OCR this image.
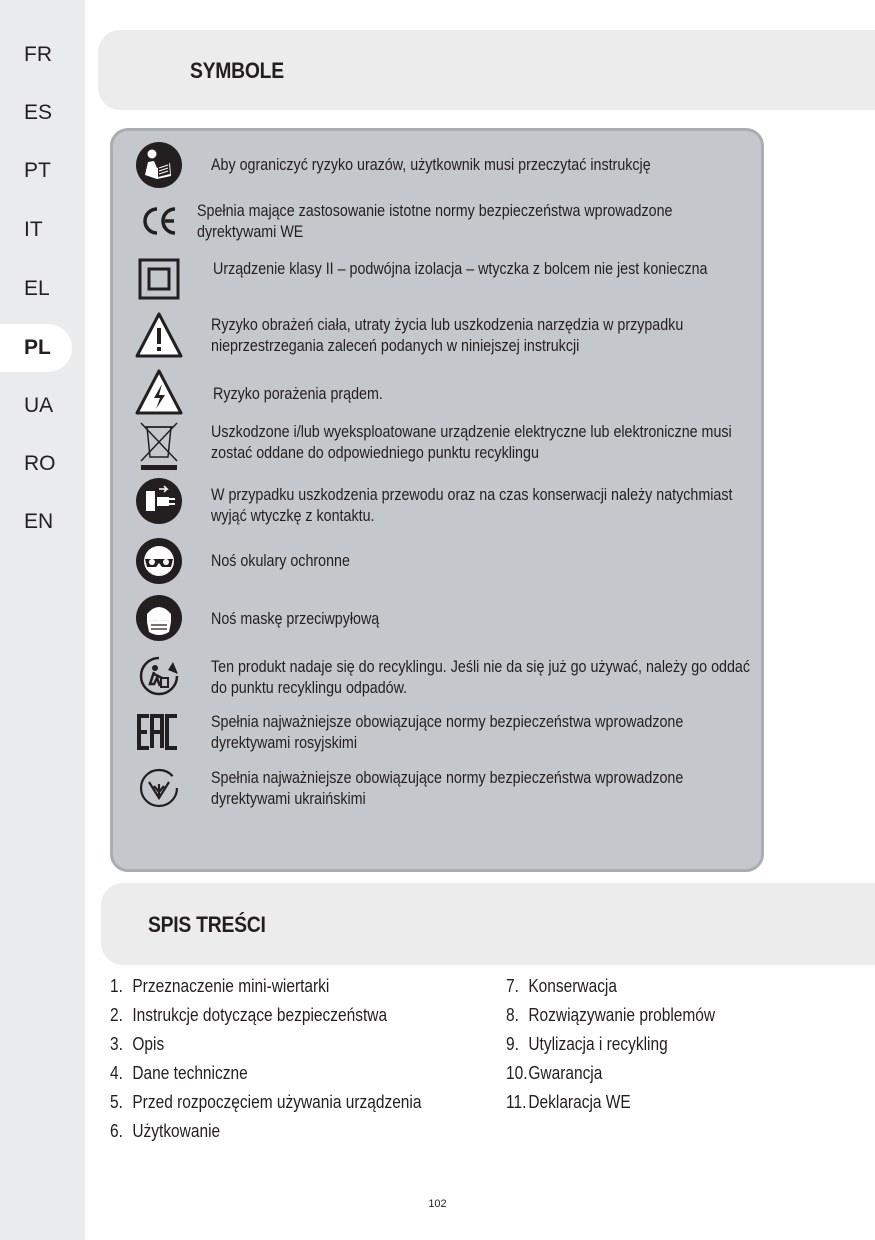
FR
ES
PT
IT
EL
PL
UA
RO
EN
SYMBOLE
Aby ograniczyć ryzyko urazów, użytkownik musi przeczytać instrukcję
Spełnia mające zastosowanie istotne normy bezpieczeństwa wprowadzone dyrektywami WE
Urządzenie klasy II – podwójna izolacja – wtyczka z bolcem nie jest konieczna
Ryzyko obrażeń ciała, utraty życia lub uszkodzenia narzędzia w przypadku nieprzestrzegania zaleceń podanych w niniejszej instrukcji
Ryzyko porażenia prądem.
Uszkodzone i/lub wyeksploatowane urządzenie elektryczne lub elektroniczne musi zostać oddane do odpowiedniego punktu recyklingu
W przypadku uszkodzenia przewodu oraz na czas konserwacji należy natychmiast wyjąć wtyczkę z kontaktu.
Noś okulary ochronne
Noś maskę przeciwpyłową
Ten produkt nadaje się do recyklingu. Jeśli nie da się już go używać, należy go oddać do punktu recyklingu odpadów.
Spełnia najważniejsze obowiązujące normy bezpieczeństwa wprowadzone dyrektywami rosyjskimi
Spełnia najważniejsze obowiązujące normy bezpieczeństwa wprowadzone dyrektywami ukraińskimi
SPIS TREŚCI
1. Przeznaczenie mini-wiertarki
2. Instrukcje dotyczące bezpieczeństwa
3. Opis
4. Dane techniczne
5. Przed rozpoczęciem używania urządzenia
6. Użytkowanie
7. Konserwacja
8. Rozwiązywanie problemów
9. Utylizacja i recykling
10.Gwarancja
11. Deklaracja WE
102
